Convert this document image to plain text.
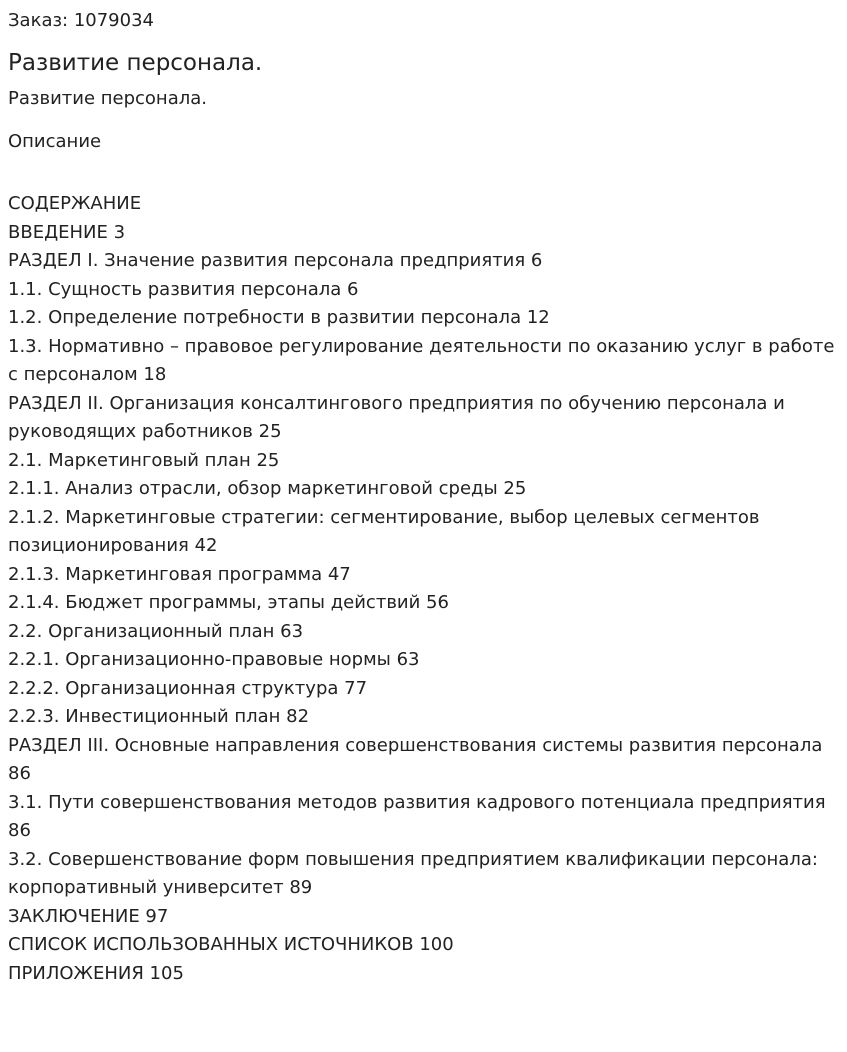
Заказ: 1079034
Развитие персонала.
Развитие персонала.
Описание
СОДЕРЖАНИЕ
ВВЕДЕНИЕ 3
РАЗДЕЛ I. Значение развития персонала предприятия 6
1.1. Сущность развития персонала 6
1.2. Определение потребности в развитии персонала 12
1.3. Нормативно – правовое регулирование деятельности по оказанию услуг в работе с персоналом 18
РАЗДЕЛ II. Организация консалтингового предприятия по обучению персонала и руководящих работников 25
2.1. Маркетинговый план 25
2.1.1. Анализ отрасли, обзор маркетинговой среды 25
2.1.2. Маркетинговые стратегии: сегментирование, выбор целевых сегментов позиционирования 42
2.1.3. Маркетинговая программа 47
2.1.4. Бюджет программы, этапы действий 56
2.2. Организационный план 63
2.2.1. Организационно-правовые нормы 63
2.2.2. Организационная структура 77
2.2.3. Инвестиционный план 82
РАЗДЕЛ III. Основные направления совершенствования системы развития персонала 86
3.1. Пути совершенствования методов развития кадрового потенциала предприятия 86
3.2. Совершенствование форм повышения предприятием квалификации персонала: корпоративный университет 89
ЗАКЛЮЧЕНИЕ 97
СПИСОК ИСПОЛЬЗОВАННЫХ ИСТОЧНИКОВ 100
ПРИЛОЖЕНИЯ 105
